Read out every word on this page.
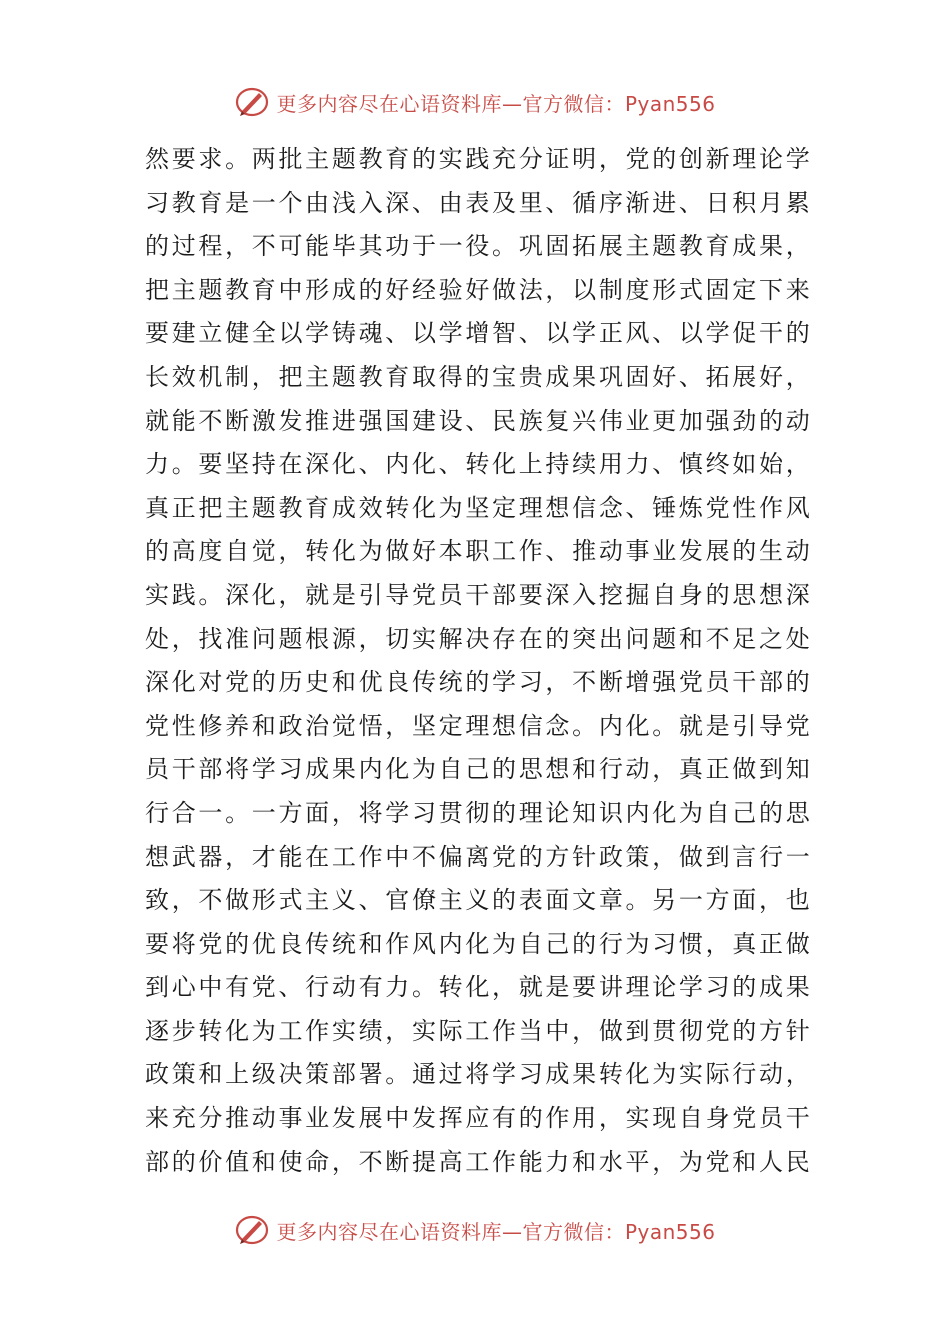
更多内容尽在心语资料库—官方微信：Pyan556
然要求。两批主题教育的实践充分证明，党的创新理论学
习教育是一个由浅入深、由表及里、循序渐进、日积月累
的过程，不可能毕其功于一役。巩固拓展主题教育成果，
把主题教育中形成的好经验好做法，以制度形式固定下来
要建立健全以学铸魂、以学增智、以学正风、以学促干的
长效机制，把主题教育取得的宝贵成果巩固好、拓展好，
就能不断激发推进强国建设、民族复兴伟业更加强劲的动
力。要坚持在深化、内化、转化上持续用力、慎终如始，
真正把主题教育成效转化为坚定理想信念、锤炼党性作风
的高度自觉，转化为做好本职工作、推动事业发展的生动
实践。深化，就是引导党员干部要深入挖掘自身的思想深
处，找准问题根源，切实解决存在的突出问题和不足之处
深化对党的历史和优良传统的学习，不断增强党员干部的
党性修养和政治觉悟，坚定理想信念。内化。就是引导党
员干部将学习成果内化为自己的思想和行动，真正做到知
行合一。一方面，将学习贯彻的理论知识内化为自己的思
想武器，才能在工作中不偏离党的方针政策，做到言行一
致，不做形式主义、官僚主义的表面文章。另一方面，也
要将党的优良传统和作风内化为自己的行为习惯，真正做
到心中有党、行动有力。转化，就是要讲理论学习的成果
逐步转化为工作实绩，实际工作当中，做到贯彻党的方针
政策和上级决策部署。通过将学习成果转化为实际行动，
来充分推动事业发展中发挥应有的作用，实现自身党员干
部的价值和使命，不断提高工作能力和水平，为党和人民
更多内容尽在心语资料库—官方微信：Pyan556
